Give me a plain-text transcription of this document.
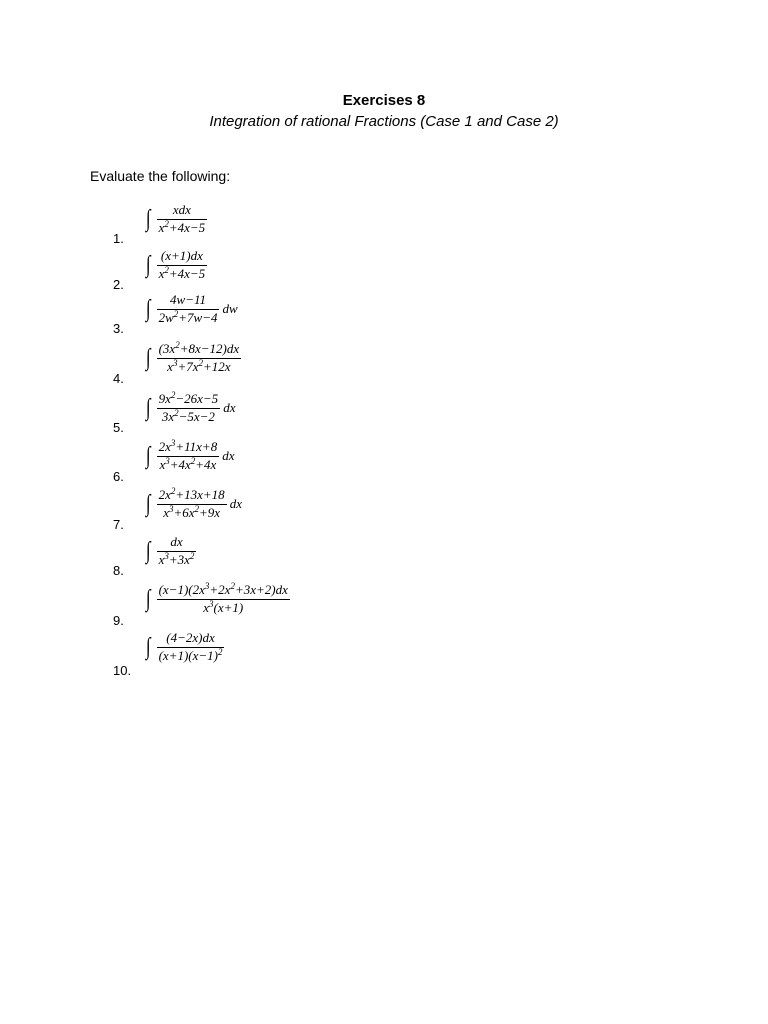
Exercises 8
Integration of rational Fractions (Case 1 and Case 2)
Evaluate the following:
1.
∫ $\frac{\text{xdx}}{x^2+4x-5}$
2.
∫ $\frac{(x+1)dx}{x^2+4x-5}$
3.
∫ $\frac{4w-11}{2w^2+7w-4}$ dw
4.
∫ $\frac{(3x^2+8x-12)dx}{x^3+7x^2+12x}$
5.
∫ $\frac{9x^2-26x-5}{3x^2-5x-2}$ dx
6.
∫ $\frac{2x^3+11x+8}{x^3+4x^2+4x}$ dx
7.
∫ $\frac{2x^2+13x+18}{x^3+6x^2+9x}$ dx
8.
∫ $\frac{dx}{x^3+3x^2}$
9.
∫ $\frac{(x-1)(2x^3+2x^2+3x+2)dx}{x^3(x+1)}$
10.
∫ $\frac{(4-2x)dx}{(x+1)(x-1)^2}$
